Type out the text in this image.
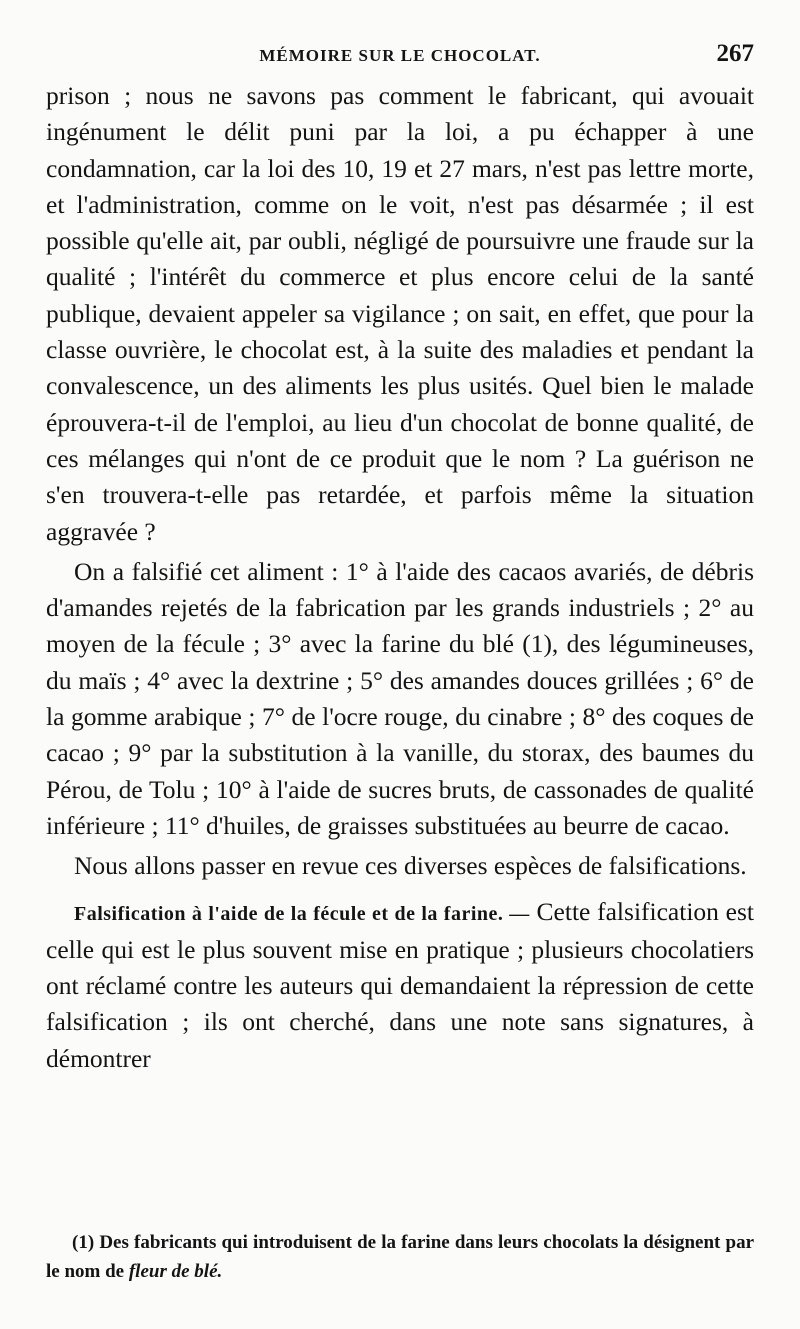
MÉMOIRE SUR LE CHOCOLAT.	267

prison ; nous ne savons pas comment le fabricant, qui avouait ingénument le délit puni par la loi, a pu échapper à une condamnation, car la loi des 10, 19 et 27 mars, n'est pas lettre morte, et l'administration, comme on le voit, n'est pas désarmée ; il est possible qu'elle ait, par oubli, négligé de poursuivre une fraude sur la qualité ; l'intérêt du commerce et plus encore celui de la santé publique, devaient appeler sa vigilance ; on sait, en effet, que pour la classe ouvrière, le chocolat est, à la suite des maladies et pendant la convalescence, un des aliments les plus usités. Quel bien le malade éprouvera-t-il de l'emploi, au lieu d'un chocolat de bonne qualité, de ces mélanges qui n'ont de ce produit que le nom ? La guérison ne s'en trouvera-t-elle pas retardée, et parfois même la situation aggravée ?

On a falsifié cet aliment : 1° à l'aide des cacaos avariés, de débris d'amandes rejetés de la fabrication par les grands industriels ; 2° au moyen de la fécule ; 3° avec la farine du blé (1), des légumineuses, du maïs ; 4° avec la dextrine ; 5° des amandes douces grillées ; 6° de la gomme arabique ; 7° de l'ocre rouge, du cinabre ; 8° des coques de cacao ; 9° par la substitution à la vanille, du storax, des baumes du Pérou, de Tolu ; 10° à l'aide de sucres bruts, de cassonades de qualité inférieure ; 11° d'huiles, de graisses substituées au beurre de cacao.

Nous allons passer en revue ces diverses espèces de falsifications.

Falsification à l'aide de la fécule et de la farine. — Cette falsification est celle qui est le plus souvent mise en pratique ; plusieurs chocolatiers ont réclamé contre les auteurs qui demandaient la répression de cette falsification ; ils ont cherché, dans une note sans signatures, à démontrer

(1) Des fabricants qui introduisent de la farine dans leurs chocolats la désignent par le nom de fleur de blé.
